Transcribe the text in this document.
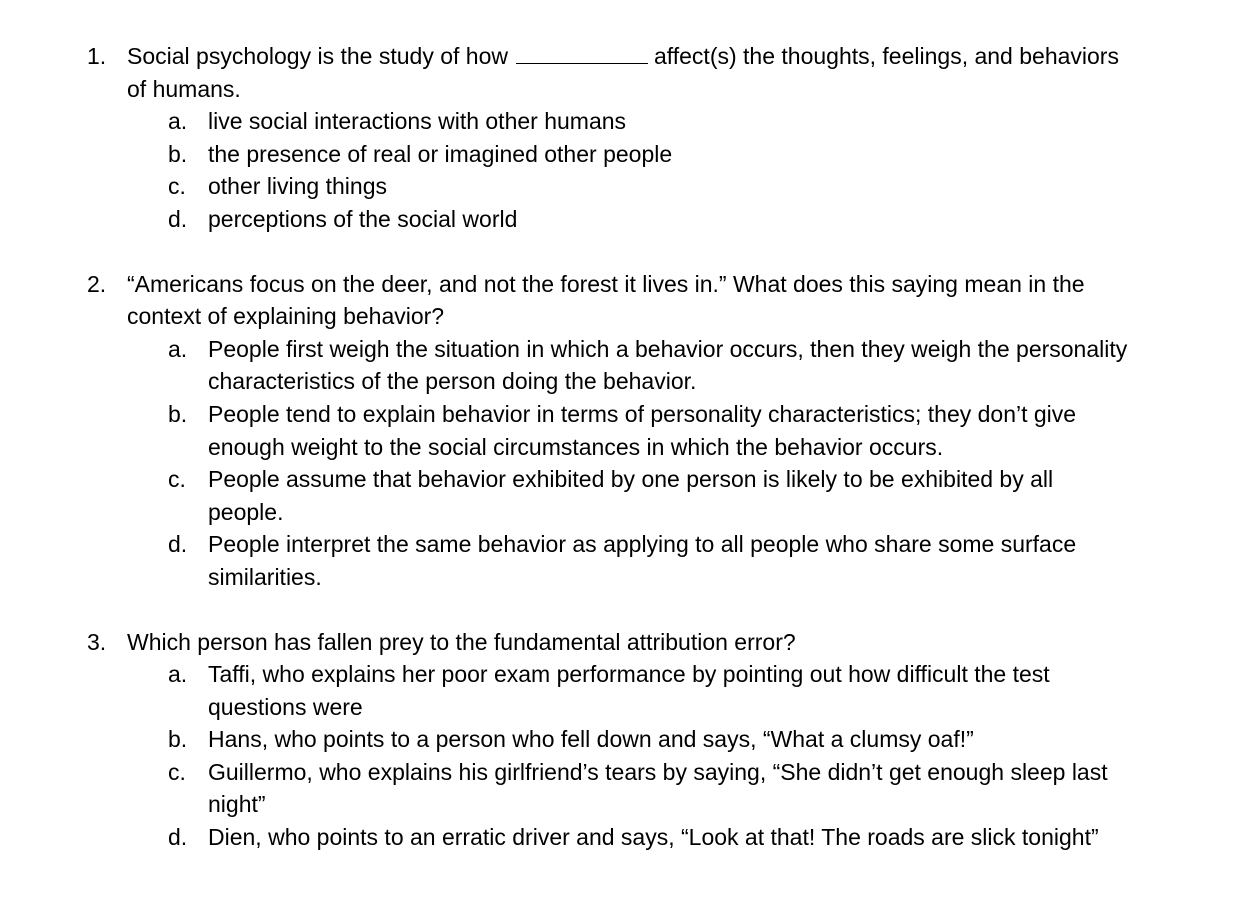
1. Social psychology is the study of how	affect(s) the thoughts, feelings, and behaviors of humans.
a. live social interactions with other humans
b. the presence of real or imagined other people
c. other living things
d. perceptions of the social world
2. “Americans focus on the deer, and not the forest it lives in.” What does this saying mean in the context of explaining behavior?
a. People first weigh the situation in which a behavior occurs, then they weigh the personality characteristics of the person doing the behavior.
b. People tend to explain behavior in terms of personality characteristics; they don’t give enough weight to the social circumstances in which the behavior occurs.
c. People assume that behavior exhibited by one person is likely to be exhibited by all people.
d. People interpret the same behavior as applying to all people who share some surface similarities.
3. Which person has fallen prey to the fundamental attribution error?
a. Taffi, who explains her poor exam performance by pointing out how difficult the test questions were
b. Hans, who points to a person who fell down and says, “What a clumsy oaf!”
c. Guillermo, who explains his girlfriend’s tears by saying, “She didn’t get enough sleep last night”
d. Dien, who points to an erratic driver and says, “Look at that! The roads are slick tonight”
